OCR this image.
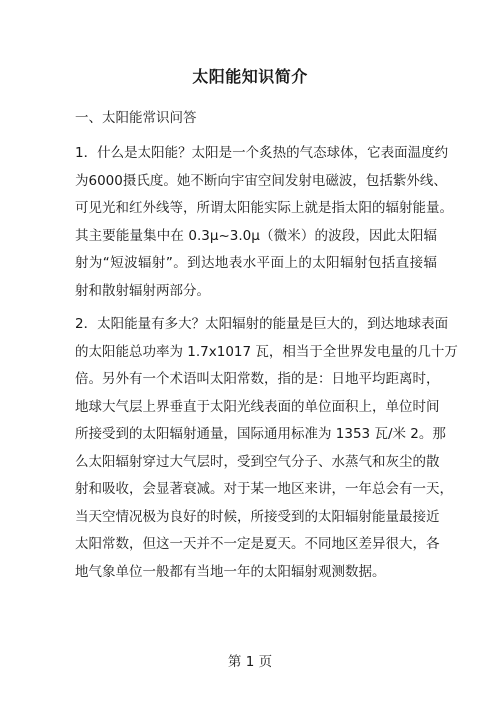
太阳能知识简介
一、太阳能常识问答
1．什么是太阳能？太阳是一个炙热的气态球体，它表面温度约
为6000摄氏度。她不断向宇宙空间发射电磁波，包括紫外线、
可见光和红外线等，所谓太阳能实际上就是指太阳的辐射能量。
其主要能量集中在 0.3μ~3.0μ（微米）的波段，因此太阳辐
射为“短波辐射”。到达地表水平面上的太阳辐射包括直接辐
射和散射辐射两部分。
2．太阳能量有多大？太阳辐射的能量是巨大的，到达地球表面
的太阳能总功率为 1.7x1017 瓦，相当于全世界发电量的几十万
倍。另外有一个术语叫太阳常数，指的是：日地平均距离时，
地球大气层上界垂直于太阳光线表面的单位面积上，单位时间
所接受到的太阳辐射通量，国际通用标准为 1353 瓦/米 2。那
么太阳辐射穿过大气层时，受到空气分子、水蒸气和灰尘的散
射和吸收，会显著衰减。对于某一地区来讲，一年总会有一天，
当天空情况极为良好的时候，所接受到的太阳辐射能量最接近
太阳常数，但这一天并不一定是夏天。不同地区差异很大，各
地气象单位一般都有当地一年的太阳辐射观测数据。
第 1 页
